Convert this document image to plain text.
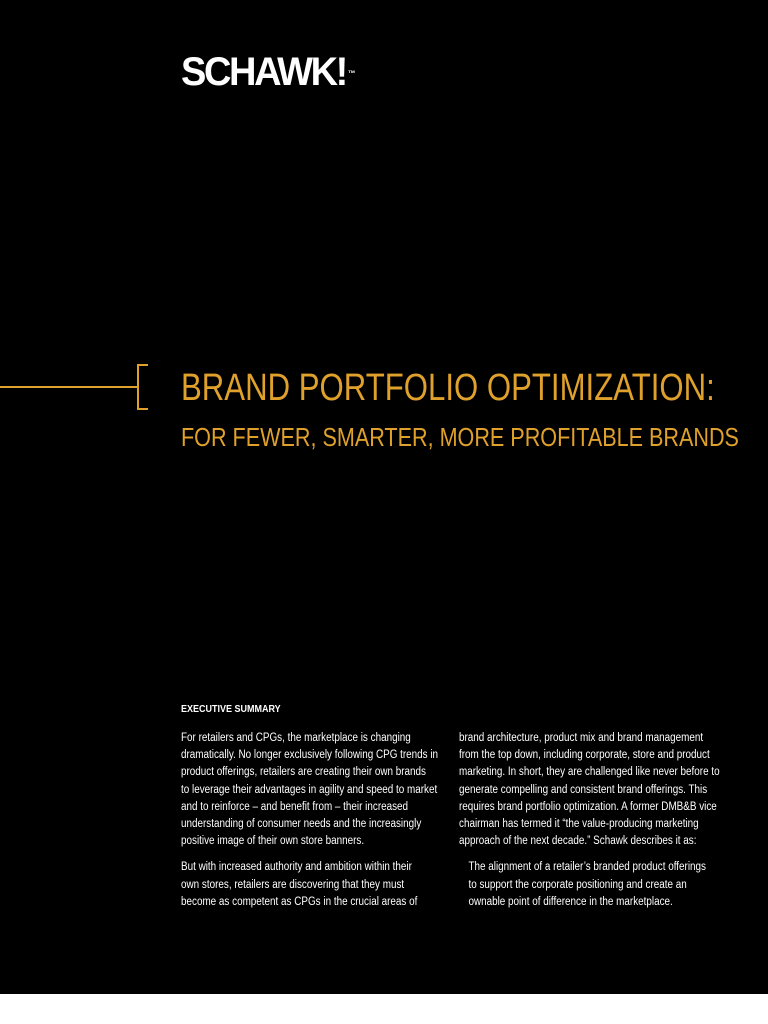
SCHAWK! ™
BRAND PORTFOLIO OPTIMIZATION:
FOR FEWER, SMARTER, MORE PROFITABLE BRANDS
EXECUTIVE SUMMARY

For retailers and CPGs, the marketplace is changing
dramatically. No longer exclusively following CPG trends in
product offerings, retailers are creating their own brands
to leverage their advantages in agility and speed to market
and to reinforce – and benefit from – their increased
understanding of consumer needs and the increasingly
positive image of their own store banners.

But with increased authority and ambition within their
own stores, retailers are discovering that they must
become as competent as CPGs in the crucial areas of

brand architecture, product mix and brand management
from the top down, including corporate, store and product
marketing. In short, they are challenged like never before to
generate compelling and consistent brand offerings. This
requires brand portfolio optimization. A former DMB&B vice
chairman has termed it “the value-producing marketing
approach of the next decade.” Schawk describes it as:

The alignment of a retailer’s branded product offerings
to support the corporate positioning and create an
ownable point of difference in the marketplace.
